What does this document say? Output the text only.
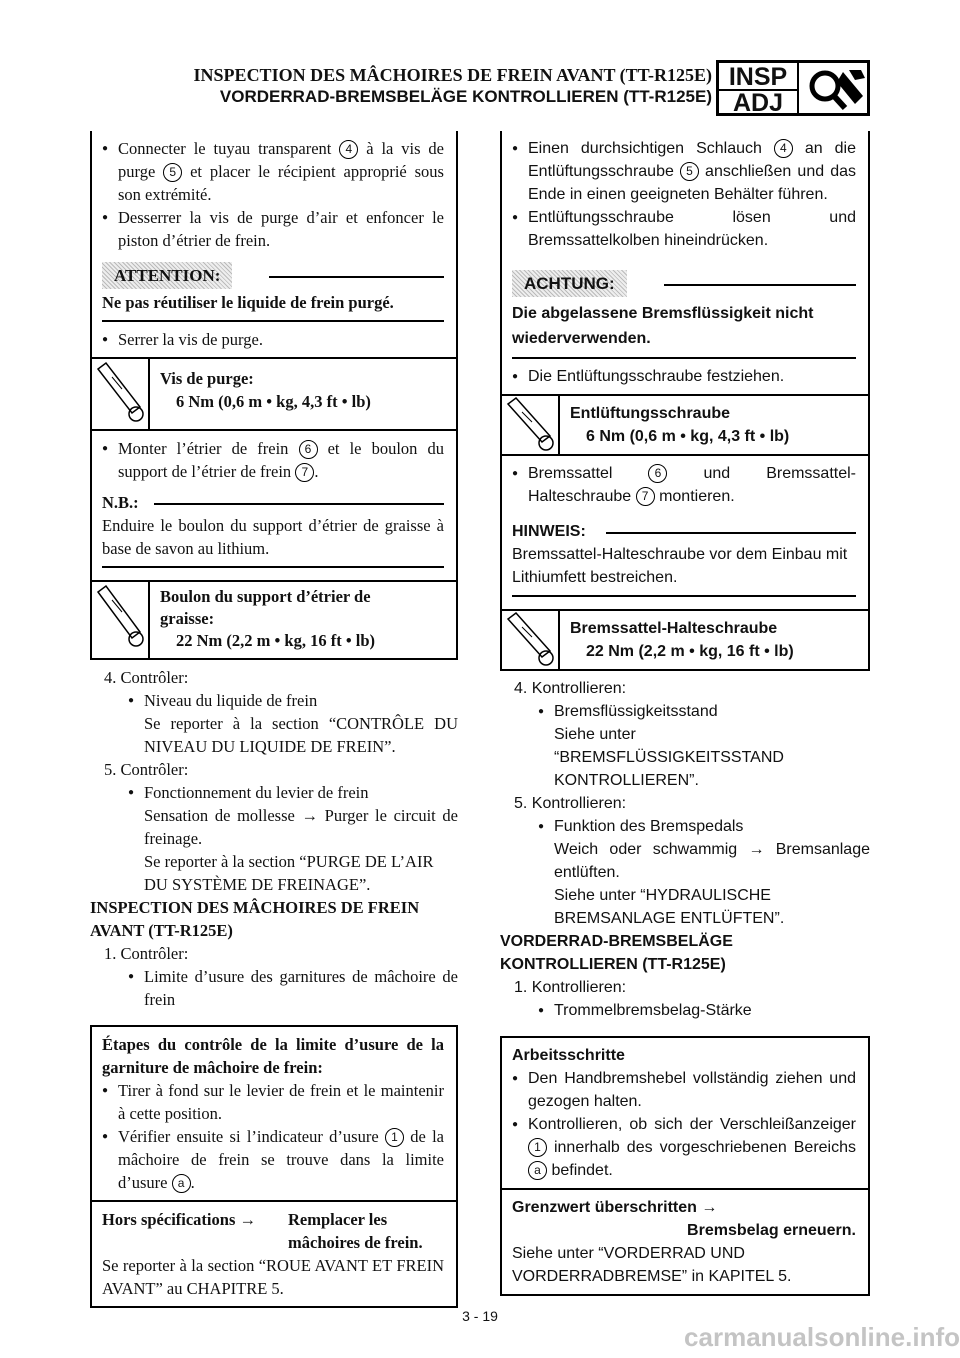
INSPECTION DES MÂCHOIRES DE FREIN AVANT (TT-R125E)
VORDERRAD-BREMSBELÄGE KONTROLLIEREN (TT-R125E)
INSP
ADJ
● Connecter le tuyau transparent 4 à la vis de purge 5 et placer le récipient approprié sous son extrémité.
● Desserrer la vis de purge d’air et enfoncer le piston d’étrier de frein.
ATTENTION:
Ne pas réutiliser le liquide de frein purgé.
● Serrer la vis de purge.
Vis de purge:
6 Nm (0,6 m • kg, 4,3 ft • lb)
● Monter l’étrier de frein 6 et le boulon du support de l’étrier de frein 7 .
N.B.:
Enduire le boulon du support d’étrier de graisse à base de savon au lithium.
Boulon du support d’étrier de graisse:
22 Nm (2,2 m • kg, 16 ft • lb)
4. Contrôler:
● Niveau du liquide de frein
Se reporter à la section “CONTRÔLE DU NIVEAU DU LIQUIDE DE FREIN”.
5. Contrôler:
● Fonctionnement du levier de frein
Sensation de mollesse → Purger le circuit de freinage.
Se reporter à la section “PURGE DE L’AIR DU SYSTÈME DE FREINAGE”.
INSPECTION DES MÂCHOIRES DE FREIN AVANT (TT-R125E)
1. Contrôler:
● Limite d’usure des garnitures de mâchoire de frein
Étapes du contrôle de la limite d’usure de la garniture de mâchoire de frein:
● Tirer à fond sur le levier de frein et le maintenir à cette position.
● Vérifier ensuite si l’indicateur d’usure 1 de la mâchoire de frein se trouve dans la limite d’usure a .
Hors spécifications →	Remplacer les mâchoires de frein.
Se reporter à la section “ROUE AVANT ET FREIN AVANT” au CHAPITRE 5.
● Einen durchsichtigen Schlauch 4 an die Entlüftungsschraube 5 anschließen und das Ende in einen geeigneten Behälter führen.
● Entlüftungsschraube lösen und Bremssattelkolben hineindrücken.
ACHTUNG:
Die abgelassene Bremsflüssigkeit nicht wiederverwenden.
● Die Entlüftungsschraube festziehen.
Entlüftungsschraube
6 Nm (0,6 m • kg, 4,3 ft • lb)
● Bremssattel 6 und Bremssattel-Halteschraube 7 montieren.
HINWEIS:
Bremssattel-Halteschraube vor dem Einbau mit Lithiumfett bestreichen.
Bremssattel-Halteschraube
22 Nm (2,2 m • kg, 16 ft • lb)
4. Kontrollieren:
● Bremsflüssigkeitsstand
Siehe unter “BREMSFLÜSSIGKEITSSTAND KONTROLLIEREN”.
5. Kontrollieren:
● Funktion des Bremspedals
Weich oder schwammig → Bremsanlage entlüften.
Siehe unter “HYDRAULISCHE BREMSANLAGE ENTLÜFTEN”.
VORDERRAD-BREMSBELÄGE KONTROLLIEREN (TT-R125E)
1. Kontrollieren:
● Trommelbremsbelag-Stärke
Arbeitsschritte
● Den Handbremshebel vollständig ziehen und gezogen halten.
● Kontrollieren, ob sich der Verschleißanzeiger 1 innerhalb des vorgeschriebenen Bereichs a befindet.
Grenzwert überschritten →
Bremsbelag erneuern.
Siehe unter “VORDERRAD UND VORDERRADBREMSE” in KAPITEL 5.
3 - 19
carmanualsonline.info
